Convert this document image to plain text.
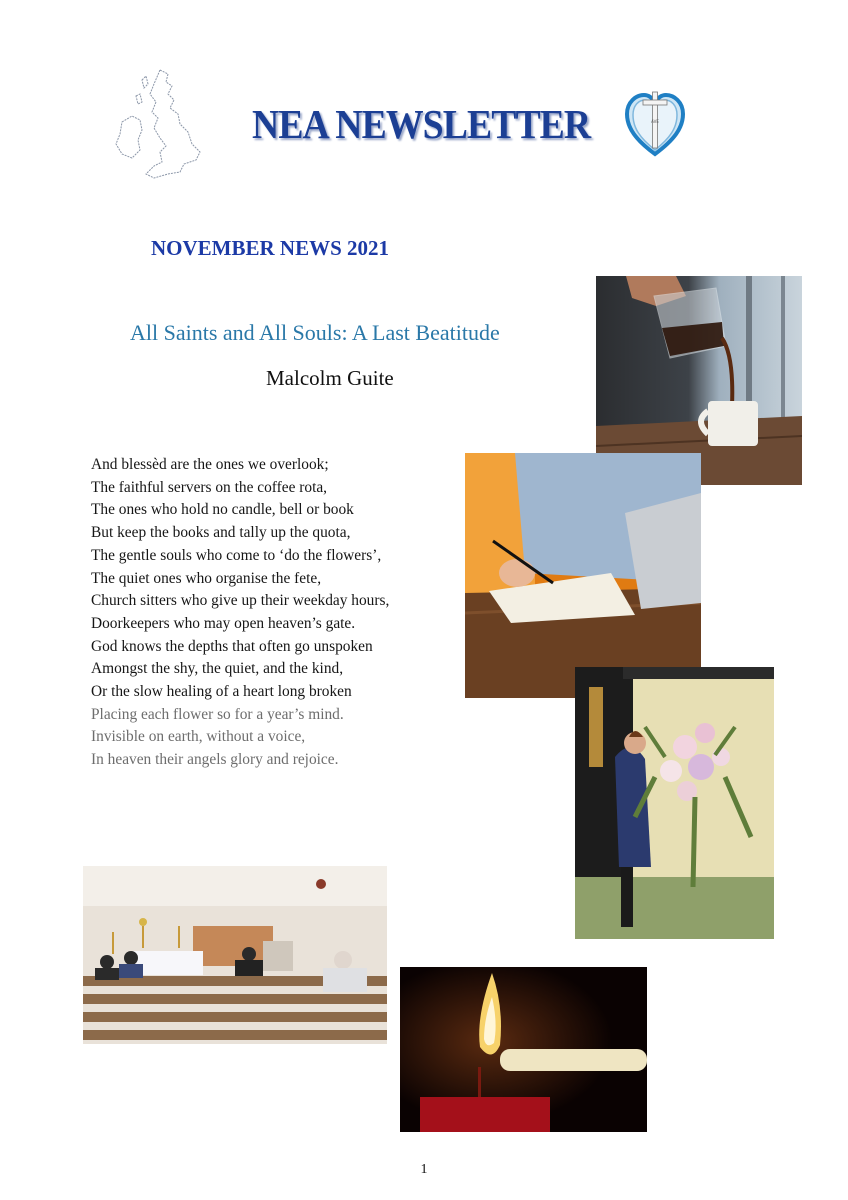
NEA NEWSLETTER	AVE
NOVEMBER NEWS 2021
All Saints and All Souls: A Last Beatitude
Malcolm Guite
And blessèd are the ones we overlook;
The faithful servers on the coffee rota,
The ones who hold no candle, bell or book
But keep the books and tally up the quota,
The gentle souls who come to ‘do the flowers’,
The quiet ones who organise the fete,
Church sitters who give up their weekday hours,
Doorkeepers who may open heaven’s gate.
God knows the depths that often go unspoken
Amongst the shy, the quiet, and the kind,
Or the slow healing of a heart long broken
Placing each flower so for a year’s mind.
Invisible on earth, without a voice,
In heaven their angels glory and rejoice.
1
